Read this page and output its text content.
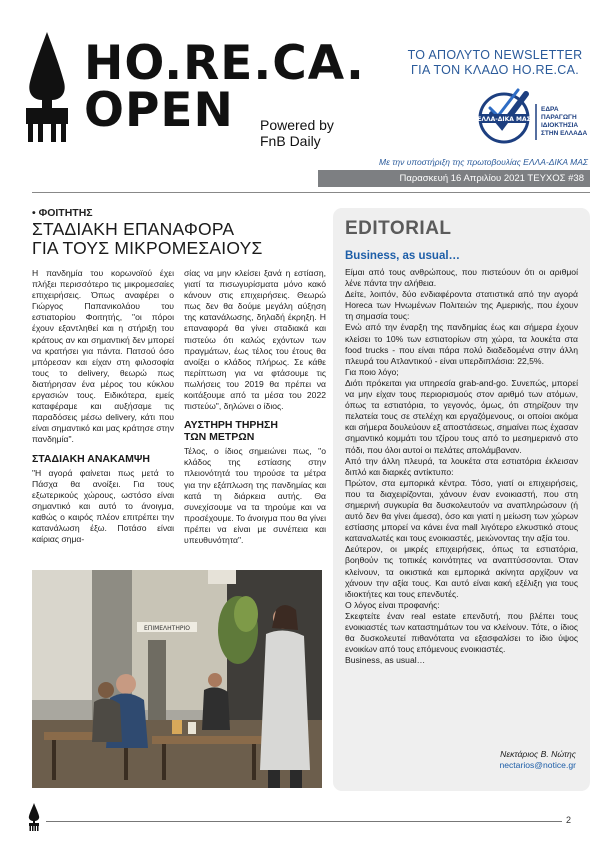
HO.RE.CA.
OPEN Powered by
FnB Daily
ΤΟ ΑΠΟΛΥΤΟ NEWSLETTER
ΓΙΑ ΤΟΝ ΚΛΑΔΟ HO.RE.CA.
ΕΛΛΑ-ΔΙΚΑ ΜΑΣ
ΕΔΡΑ
ΠΑΡΑΓΩΓΗ
ΙΔΙΟΚΤΗΣΙΑ
ΣΤΗΝ ΕΛΛΑΔΑ
Με την υποστήριξη της πρωτοβουλίας ΕΛΛΑ-ΔΙΚΑ ΜΑΣ
Παρασκευή 16 Απριλίου 2021 ΤΕΥΧΟΣ #38
• ΦΟΙΤΗΤΗΣ
ΣΤΑΔΙΑΚΗ ΕΠΑΝΑΦΟΡΑ
ΓΙΑ ΤΟΥΣ ΜΙΚΡΟΜΕΣΑΙΟΥΣ

Η πανδημία του κορωνοϊού έχει πλήξει περισσότερο τις μικρομεσαίες επιχειρήσεις. Όπως αναφέρει ο Γιώργος Παπανικολάου του εστιατορίου Φοιτητής, "οι πόροι έχουν εξαντληθεί και η στήριξη του κράτους αν και σημαντική δεν μπορεί να κρατήσει για πάντα. Πατσού όσο μπόρεσαν και είχαν στη φιλοσοφία τους το delivery, θεωρώ πως διατήρησαν ένα μέρος του κύκλου εργασιών τους. Ειδικότερα, εμείς καταφέραμε και αυξήσαμε τις παραδόσεις μέσω delivery, κάτι που είναι σημαντικό και μας κράτησε στην πανδημία".

ΣΤΑΔΙΑΚΗ ΑΝΑΚΑΜΨΗ

"Η αγορά φαίνεται πως μετά το Πάσχα θα ανοίξει. Για τους εξωτερικούς χώρους, ωστόσο είναι σημαντικό και αυτό το άνοιγμα, καθώς ο καιρός πλέον επιτρέπει την κατανάλωση έξω. Ποτάσο είναι καίριας σημα-

σίας να μην κλείσει ξανά η εστίαση, γιατί τα πισωγυρίσματα μόνο κακό κάνουν στις επιχειρήσεις. Θεωρώ πως δεν θα δούμε μεγάλη αύξηση της κατανάλωσης, δηλαδή έκρηξη. Η επαναφορά θα γίνει σταδιακά και πιστεύω ότι καλώς εχόντων των πραγμάτων, έως τέλος του έτους θα ανοίξει ο κλάδος πλήρως. Σε κάθε περίπτωση για να φτάσουμε τις πωλήσεις του 2019 θα πρέπει να κοιτάξουμε από τα μέσα του 2022 πιστεύω", δηλώνει ο ίδιος.

ΑΥΣΤΗΡΗ ΤΗΡΗΣΗ
ΤΩΝ ΜΕΤΡΩΝ

Τέλος, ο ίδιος σημειώνει πως, "ο κλάδος της εστίασης στην πλειονότητά του τηρούσε τα μέτρα για την εξάπλωση της πανδημίας και κατά τη διάρκεια αυτής. Θα συνεχίσουμε να τα τηρούμε και να προσέχουμε. Το άνοιγμα που θα γίνει πρέπει να είναι με συνέπεια και υπευθυνότητα".

ΕΠΙΜΕΛΗΤΗΡΙΟ
EDITORIAL
Business, as usual…

Είμαι από τους ανθρώπους, που πιστεύουν ότι οι αριθμοί λένε πάντα την αλήθεια.

Δείτε, λοιπόν, δύο ενδιαφέροντα στατιστικά από την αγορά Horeca των Ηνωμένων Πολιτειών της Αμερικής, που έχουν τη σημασία τους:

Ενώ από την έναρξη της πανδημίας έως και σήμερα έχουν κλείσει το 10% των εστιατορίων στη χώρα, τα λουκέτα στα food trucks - που είναι πάρα πολύ διαδεδομένα στην άλλη πλευρά του Ατλαντικού - είναι υπερδιπλάσια: 22,5%.

Για ποιο λόγο;

Διότι πρόκειται για υπηρεσία grab-and-go. Συνεπώς, μπορεί να μην είχαν τους περιορισμούς στον αριθμό των ατόμων, όπως τα εστιατόρια, το γεγονός, όμως, ότι στηρίζουν την πελατεία τους σε στελέχη και εργαζόμενους, οι οποίοι ακόμα και σήμερα δουλεύουν εξ αποστάσεως, σημαίνει πως έχασαν σημαντικό κομμάτι του τζίρου τους από το μεσημεριανό στο πόδι, που όλοι αυτοί οι πελάτες απολάμβαναν.

Από την άλλη πλευρά, τα λουκέτα στα εστιατόρια έκλεισαν διπλό και διαρκές αντίκτυπο:

Πρώτον, στα εμπορικά κέντρα. Τόσο, γιατί οι επιχειρήσεις, που τα διαχειρίζονται, χάνουν έναν ενοικιαστή, που στη σημερινή συγκυρία θα δυσκολευτούν να αναπληρώσουν (ή αυτό δεν θα γίνει άμεσα), όσο και γιατί η μείωση των χώρων εστίασης μπορεί να κάνει ένα mall λιγότερο ελκυστικό στους καταναλωτές και τους ενοικιαστές, μειώνοντας την αξία του.

Δεύτερον, οι μικρές επιχειρήσεις, όπως τα εστιατόρια, βοηθούν τις τοπικές κοινότητες να αναπτύσσονται. Όταν κλείνουν, τα οικιστικά και εμπορικά ακίνητα αρχίζουν να χάνουν την αξία τους. Και αυτό είναι κακή εξέλιξη για τους ιδιοκτήτες και τους επενδυτές.

Ο λόγος είναι προφανής:

Σκεφτείτε έναν real estate επενδυτή, που βλέπει τους ενοικιαστές των καταστημάτων του να κλείνουν. Τότε, ο ίδιος θα δυσκολευτεί πιθανότατα να εξασφαλίσει το ίδιο ύψος ενοικίων από τους επόμενους ενοικιαστές.

Business, as usual…

Νεκτάριος Β. Νώτης
nectarios@notice.gr
2
